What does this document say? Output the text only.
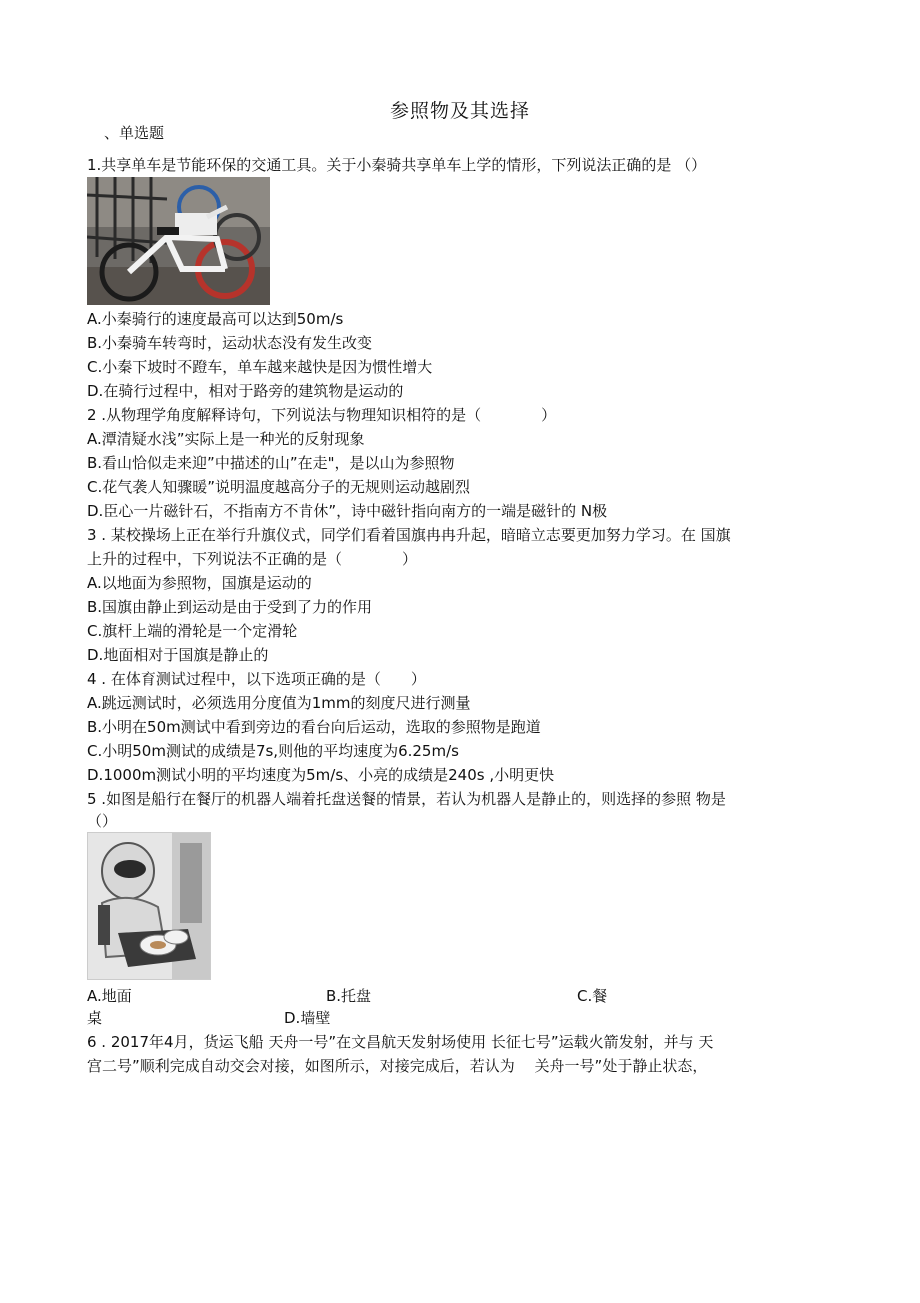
参照物及其选择
、单选题
1.共享单车是节能环保的交通工具。关于小秦骑共享单车上学的情形，下列说法正确的是 （）
A.小秦骑行的速度最高可以达到50m/s
B.小秦骑车转弯时，运动状态没有发生改变
C.小秦下坡时不蹬车，单车越来越快是因为惯性增大
D.在骑行过程中，相对于路旁的建筑物是运动的
2 .从物理学角度解释诗句，下列说法与物理知识相符的是（　　　　）
A.潭清疑水浅”实际上是一种光的反射现象
B.看山恰似走来迎”中描述的山”在走"，是以山为参照物
C.花气袭人知骤暖”说明温度越高分子的无规则运动越剧烈
D.臣心一片磁针石，不指南方不肯休”，诗中磁针指向南方的一端是磁针的 N极
3 . 某校操场上正在举行升旗仪式，同学们看着国旗冉冉升起，暗暗立志要更加努力学习。在 国旗
上升的过程中，下列说法不正确的是（　　　　）
A.以地面为参照物，国旗是运动的
B.国旗由静止到运动是由于受到了力的作用
C.旗杆上端的滑轮是一个定滑轮
D.地面相对于国旗是静止的
4 . 在体育测试过程中，以下选项正确的是（　　）
A.跳远测试时，必须选用分度值为1mm的刻度尺进行测量
B.小明在50m测试中看到旁边的看台向后运动，选取的参照物是跑道
C.小明50m测试的成绩是7s,则他的平均速度为6.25m/s
D.1000m测试小明的平均速度为5m/s、小亮的成绩是240s ,小明更快
5 .如图是船行在餐厅的机器人端着托盘送餐的情景，若认为机器人是静止的，则选择的参照 物是
（）
A.地面	B.托盘	C.餐
桌	D.墙壁
6 . 2017年4月，货运飞船 天舟一号”在文昌航天发射场使用 长征七号”运载火箭发射，并与 天
宫二号”顺利完成自动交会对接，如图所示，对接完成后，若认为　 关舟一号”处于静止状态，
